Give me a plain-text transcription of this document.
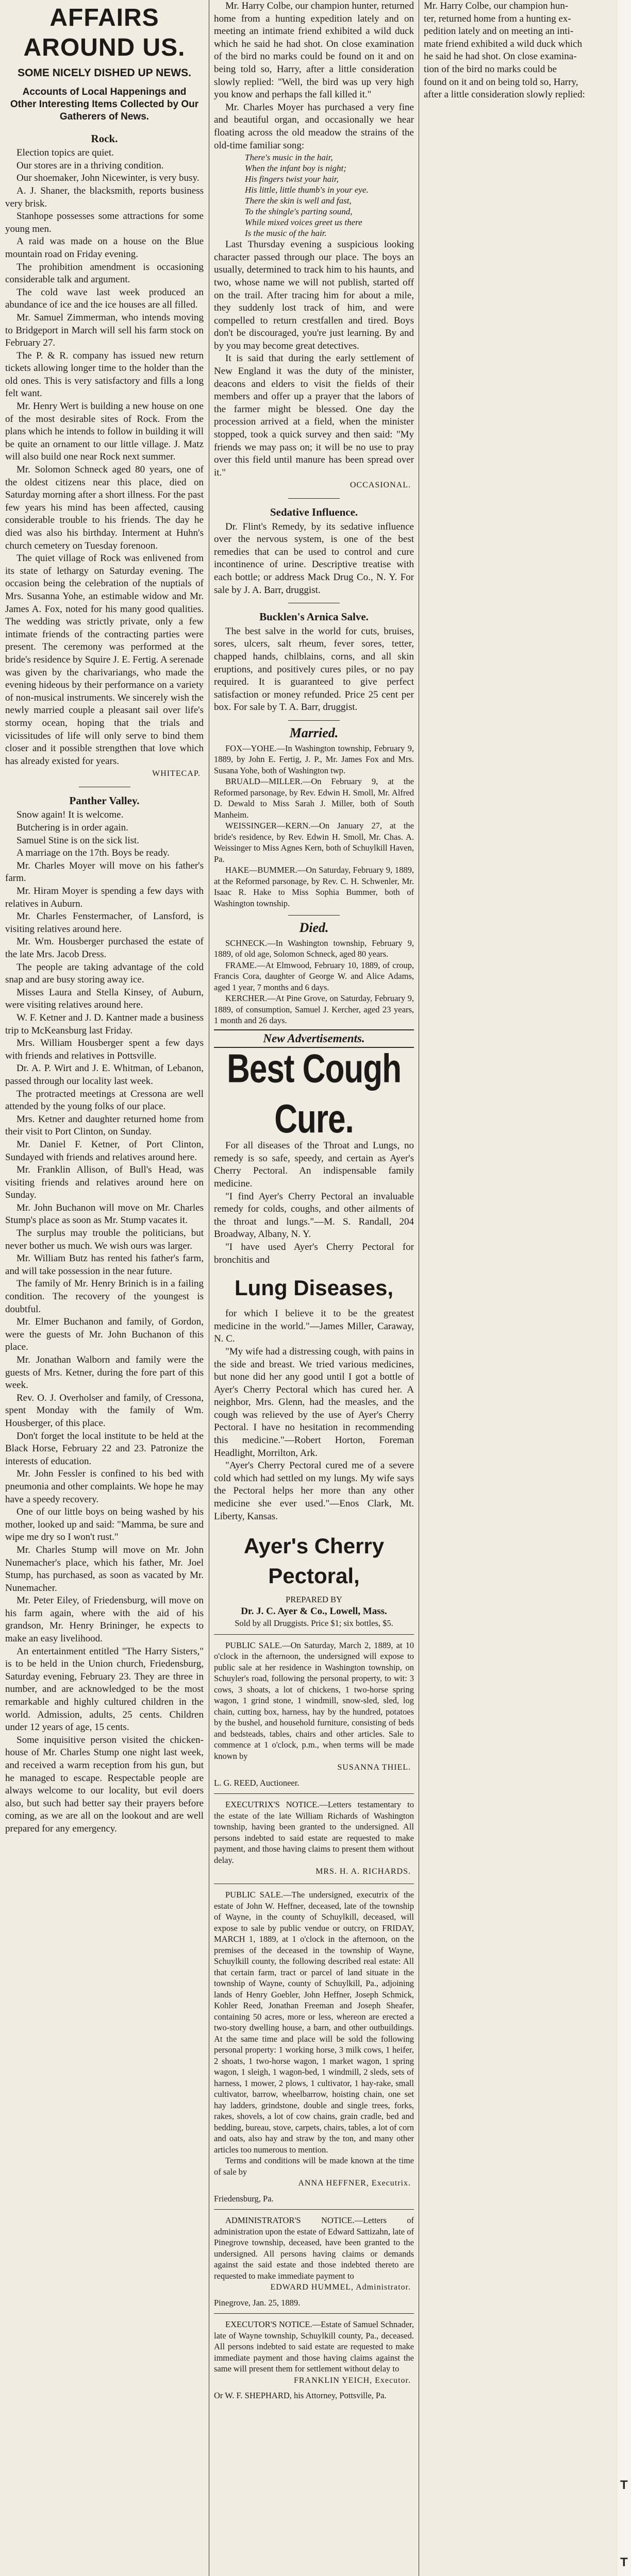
AFFAIRS AROUND US.
SOME NICELY DISHED UP NEWS.
Accounts of Local Happenings and Other Interesting Items Collected by Our Gatherers of News.
Rock.

Election topics are quiet.

Our stores are in a thriving condition.

Our shoemaker, John Nicewinter, is very busy.

A. J. Shaner, the blacksmith, reports business very brisk.

Stanhope possesses some attractions for some young men.

A raid was made on a house on the Blue mountain road on Friday evening.

The prohibition amendment is occasioning considerable talk and argument.

The cold wave last week produced an abundance of ice and the ice houses are all filled.

Mr. Samuel Zimmerman, who intends moving to Bridgeport in March will sell his farm stock on February 27.

The P. & R. company has issued new return tickets allowing longer time to the holder than the old ones. This is very satisfactory and fills a long felt want.

Mr. Henry Wert is building a new house on one of the most desirable sites of Rock. From the plans which he intends to follow in building it will be quite an ornament to our little village. J. Matz will also build one near Rock next summer.

Mr. Solomon Schneck aged 80 years, one of the oldest citizens near this place, died on Saturday morning after a short illness. For the past few years his mind has been affected, causing considerable trouble to his friends. The day he died was also his birthday. Interment at Huhn's church cemetery on Tuesday forenoon.

The quiet village of Rock was enlivened from its state of lethargy on Saturday evening. The occasion being the celebration of the nuptials of Mrs. Susanna Yohe, an estimable widow and Mr. James A. Fox, noted for his many good qualities. The wedding was strictly private, only a few intimate friends of the contracting parties were present. The ceremony was performed at the bride's residence by Squire J. E. Fertig. A serenade was given by the charivariangs, who made the evening hideous by their performance on a variety of non-musical instruments. We sincerely wish the newly married couple a pleasant sail over life's stormy ocean, hoping that the trials and vicissitudes of life will only serve to bind them closer and it possible strengthen that love which has already existed for years.

WHITECAP.
Panther Valley.

Snow again! It is welcome.

Butchering is in order again.

Samuel Stine is on the sick list.

A marriage on the 17th. Boys be ready.

Mr. Charles Moyer will move on his father's farm.

Mr. Hiram Moyer is spending a few days with relatives in Auburn.

Mr. Charles Fenstermacher, of Lansford, is visiting relatives around here.

Mr. Wm. Housberger purchased the estate of the late Mrs. Jacob Dress.

The people are taking advantage of the cold snap and are busy storing away ice.

Misses Laura and Stella Kinsey, of Auburn, were visiting relatives around here.

W. F. Ketner and J. D. Kantner made a business trip to McKeansburg last Friday.

Mrs. William Housberger spent a few days with friends and relatives in Pottsville.

Dr. A. P. Wirt and J. E. Whitman, of Lebanon, passed through our locality last week.

The protracted meetings at Cressona are well attended by the young folks of our place.

Mrs. Ketner and daughter returned home from their visit to Port Clinton, on Sunday.

Mr. Daniel F. Ketner, of Port Clinton, Sundayed with friends and relatives around here.

Mr. Franklin Allison, of Bull's Head, was visiting friends and relatives around here on Sunday.

Mr. John Buchanon will move on Mr. Charles Stump's place as soon as Mr. Stump vacates it.

The surplus may trouble the politicians, but never bother us much. We wish ours was larger.

Mr. William Butz has rented his father's farm, and will take possession in the near future.

The family of Mr. Henry Brinich is in a failing condition. The recovery of the youngest is doubtful.

Mr. Elmer Buchanon and family, of Gordon, were the guests of Mr. John Buchanon of this place.

Mr. Jonathan Walborn and family were the guests of Mrs. Ketner, during the fore part of this week.

Rev. O. J. Overholser and family, of Cressona, spent Monday with the family of Wm. Housberger, of this place.

Don't forget the local institute to be held at the Black Horse, February 22 and 23. Patronize the interests of education.

Mr. John Fessler is confined to his bed with pneumonia and other complaints. We hope he may have a speedy recovery.

One of our little boys on being washed by his mother, looked up and said: "Mamma, be sure and wipe me dry so I won't rust."

Mr. Charles Stump will move on Mr. John Nunemacher's place, which his father, Mr. Joel Stump, has purchased, as soon as vacated by Mr. Nunemacher.

Mr. Peter Eiley, of Friedensburg, will move on his farm again, where with the aid of his grandson, Mr. Henry Brininger, he expects to make an easy livelihood.

An entertainment entitled "The Harry Sisters," is to be held in the Union church, Friedensburg, Saturday evening, February 23. They are three in number, and are acknowledged to be the most remarkable and highly cultured children in the world. Admission, adults, 25 cents. Children under 12 years of age, 15 cents.

Some inquisitive person visited the chicken-house of Mr. Charles Stump one night last week, and received a warm reception from his gun, but he managed to escape. Respectable people are always welcome to our locality, but evil doers also, but such had better say their prayers before coming, as we are all on the lookout and are well prepared for any emergency.

Mr. Harry Colbe, our champion hunter, returned home from a hunting expedition lately and on meeting an intimate friend exhibited a wild duck which he said he had shot. On close examination of the bird no marks could be found on it and on being told so, Harry, after a little consideration slowly replied: "Well, the bird was up very high you know and perhaps the fall killed it."

Mr. Charles Moyer has purchased a very fine and beautiful organ, and occasionally we hear floating across the old meadow the strains of the old-time familiar song:

There's music in the hair,

When the infant boy is night;

His fingers twist your hair,

His little, little thumb's in your eye.

There the skin is well and fast,

To the shingle's parting sound,

While mixed voices greet us there

Is the music of the hair.

Last Thursday evening a suspicious looking character passed through our place. The boys an usually, determined to track him to his haunts, and two, whose name we will not publish, started off on the trail. After tracing him for about a mile, they suddenly lost track of him, and were compelled to return crestfallen and tired. Boys don't be discouraged, you're just learning. By and by you may become great detectives.

It is said that during the early settlement of New England it was the duty of the minister, deacons and elders to visit the fields of their members and offer up a prayer that the labors of the farmer might be blessed. One day the procession arrived at a field, when the minister stopped, took a quick survey and then said: "My friends we may pass on; it will be no use to pray over this field until manure has been spread over it."

OCCASIONAL.
Sedative Influence.

Dr. Flint's Remedy, by its sedative influence over the nervous system, is one of the best remedies that can be used to control and cure incontinence of urine. Descriptive treatise with each bottle; or address Mack Drug Co., N. Y. For sale by J. A. Barr, druggist.

Bucklen's Arnica Salve.

The best salve in the world for cuts, bruises, sores, ulcers, salt rheum, fever sores, tetter, chapped hands, chilblains, corns, and all skin eruptions, and positively cures piles, or no pay required. It is guaranteed to give perfect satisfaction or money refunded. Price 25 cent per box. For sale by T. A. Barr, druggist.

Married.

FOX—YOHE.—In Washington township, February 9, 1889, by John E. Fertig, J. P., Mr. James Fox and Mrs. Susana Yohe, both of Washington twp.

BRUALD—MILLER.—On February 9, at the Reformed parsonage, by Rev. Edwin H. Smoll, Mr. Alfred D. Dewald to Miss Sarah J. Miller, both of South Manheim.

WEISSINGER—KERN.—On January 27, at the bride's residence, by Rev. Edwin H. Smoll, Mr. Chas. A. Weissinger to Miss Agnes Kern, both of Schuylkill Haven, Pa.

HAKE—BUMMER.—On Saturday, February 9, 1889, at the Reformed parsonage, by Rev. C. H. Schwenler, Mr. Isaac R. Hake to Miss Sophia Bummer, both of Washington township.

Died.

SCHNECK.—In Washington township, February 9, 1889, of old age, Solomon Schneck, aged 80 years.

FRAME.—At Elmwood, February 10, 1889, of croup, Francis Cora, daughter of George W. and Alice Adams, aged 1 year, 7 months and 6 days.

KERCHER.—At Pine Grove, on Saturday, February 9, 1889, of consumption, Samuel J. Kercher, aged 23 years, 1 month and 26 days.

New Advertisements.
Best Cough Cure.

For all diseases of the Throat and Lungs, no remedy is so safe, speedy, and certain as Ayer's Cherry Pectoral. An indispensable family medicine.

"I find Ayer's Cherry Pectoral an invaluable remedy for colds, coughs, and other ailments of the throat and lungs."—M. S. Randall, 204 Broadway, Albany, N. Y.

"I have used Ayer's Cherry Pectoral for bronchitis and

Lung Diseases,

for which I believe it to be the greatest medicine in the world."—James Miller, Caraway, N. C.

"My wife had a distressing cough, with pains in the side and breast. We tried various medicines, but none did her any good until I got a bottle of Ayer's Cherry Pectoral which has cured her. A neighbor, Mrs. Glenn, had the measles, and the cough was relieved by the use of Ayer's Cherry Pectoral. I have no hesitation in recommending this medicine."—Robert Horton, Foreman Headlight, Morrilton, Ark.

"Ayer's Cherry Pectoral cured me of a severe cold which had settled on my lungs. My wife says the Pectoral helps her more than any other medicine she ever used."—Enos Clark, Mt. Liberty, Kansas.

Ayer's Cherry Pectoral,
PREPARED BY
Dr. J. C. Ayer & Co., Lowell, Mass.
Sold by all Druggists. Price $1; six bottles, $5.

PUBLIC SALE.—On Saturday, March 2, 1889, at 10 o'clock in the afternoon, the undersigned will expose to public sale at her residence in Washington township, on Schuyler's road, following the personal property, to wit: 3 cows, 3 shoats, a lot of chickens, 1 two-horse spring wagon, 1 grind stone, 1 windmill, snow-sled, sled, log chain, cutting box, harness, hay by the hundred, potatoes by the bushel, and household furniture, consisting of beds and bedsteads, tables, chairs and other articles. Sale to commence at 1 o'clock, p.m., when terms will be made known by

SUSANNA THIEL.

L. G. REED, Auctioneer.

EXECUTRIX'S NOTICE.—Letters testamentary to the estate of the late William Richards of Washington township, having been granted to the undersigned. All persons indebted to said estate are requested to make payment, and those having claims to present them without delay.

MRS. H. A. RICHARDS.

PUBLIC SALE.—The undersigned, executrix of the estate of John W. Heffner, deceased, late of the township of Wayne, in the county of Schuylkill, deceased, will expose to sale by public vendue or outcry, on FRIDAY, MARCH 1, 1889, at 1 o'clock in the afternoon, on the premises of the deceased in the township of Wayne, Schuylkill county, the following described real estate: All that certain farm, tract or parcel of land situate in the township of Wayne, county of Schuylkill, Pa., adjoining lands of Henry Goebler, John Heffner, Joseph Schmick, Kohler Reed, Jonathan Freeman and Joseph Sheafer, containing 50 acres, more or less, whereon are erected a two-story dwelling house, a barn, and other outbuildings. At the same time and place will be sold the following personal property: 1 working horse, 3 milk cows, 1 heifer, 2 shoats, 1 two-horse wagon, 1 market wagon, 1 spring wagon, 1 sleigh, 1 wagon-bed, 1 windmill, 2 sleds, sets of harness, 1 mower, 2 plows, 1 cultivator, 1 hay-rake, small cultivator, barrow, wheelbarrow, hoisting chain, one set hay ladders, grindstone, double and single trees, forks, rakes, shovels, a lot of cow chains, grain cradle, bed and bedding, bureau, stove, carpets, chairs, tables, a lot of corn and oats, also hay and straw by the ton, and many other articles too numerous to mention.

Terms and conditions will be made known at the time of sale by

ANNA HEFFNER, Executrix.

Friedensburg, Pa.

ADMINISTRATOR'S NOTICE.—Letters of administration upon the estate of Edward Sattizahn, late of Pinegrove township, deceased, have been granted to the undersigned. All persons having claims or demands against the said estate and those indebted thereto are requested to make immediate payment to

EDWARD HUMMEL, Administrator.

Pinegrove, Jan. 25, 1889.

EXECUTOR'S NOTICE.—Estate of Samuel Schnader, late of Wayne township, Schuylkill county, Pa., deceased. All persons indebted to said estate are requested to make immediate payment and those having claims against the same will present them for settlement without delay to

FRANKLIN YEICH, Executor.

Or W. F. SHEPHARD, his Attorney, Pottsville, Pa.

Mr. Harry Colbe, our champion hun-

ter, returned home from a hunting ex-

pedition lately and on meeting an inti-

mate friend exhibited a wild duck which

he said he had shot. On close examina-

tion of the bird no marks could be

found on it and on being told so, Harry,

after a little consideration slowly replied:

T
T
